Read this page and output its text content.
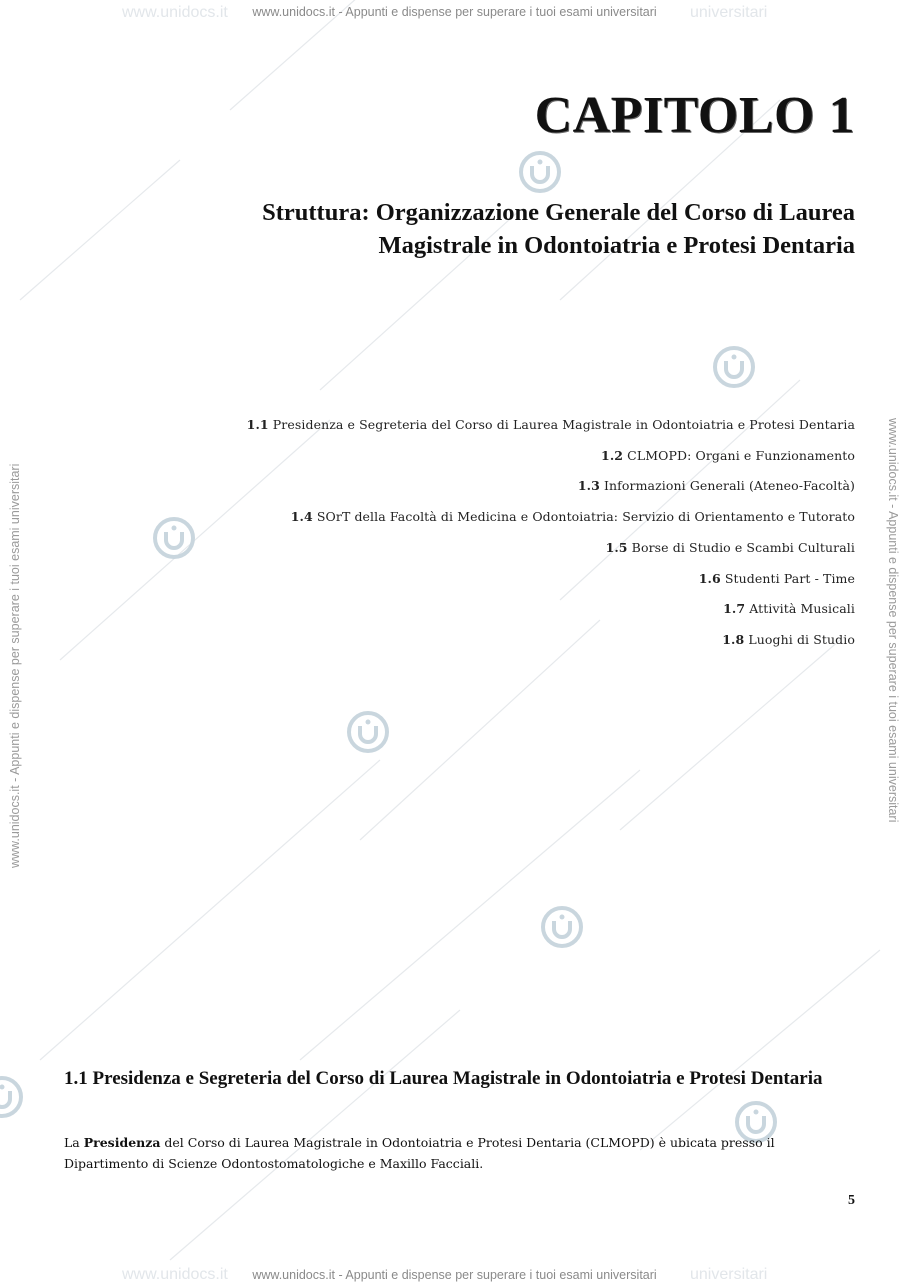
www.unidocs.it	universitari
www.unidocs.it	universitari
www.unidocs.it - Appunti e dispense per superare i tuoi esami universitari
www.unidocs.it - Appunti e dispense per superare i tuoi esami universitari
www.unidocs.it - Appunti e dispense per superare i tuoi esami universitari	www.unidocs.it - Appunti e dispense per superare i tuoi esami universitari
CAPITOLO 1
Struttura: Organizzazione Generale del Corso di Laurea
Magistrale in Odontoiatria e Protesi Dentaria
1.1 Presidenza e Segreteria del Corso di Laurea Magistrale in Odontoiatria e Protesi Dentaria
1.2 CLMOPD: Organi e Funzionamento
1.3 Informazioni Generali (Ateneo-Facoltà)
1.4 SOrT della Facoltà di Medicina e Odontoiatria: Servizio di Orientamento e Tutorato
1.5 Borse di Studio e Scambi Culturali
1.6 Studenti Part - Time
1.7 Attività Musicali
1.8 Luoghi di Studio
1.1 Presidenza e Segreteria del Corso di Laurea Magistrale in Odontoiatria e Protesi Dentaria

La Presidenza del Corso di Laurea Magistrale in Odontoiatria e Protesi Dentaria (CLMOPD) è ubicata presso il Dipartimento di Scienze Odontostomatologiche e Maxillo Facciali.

5
